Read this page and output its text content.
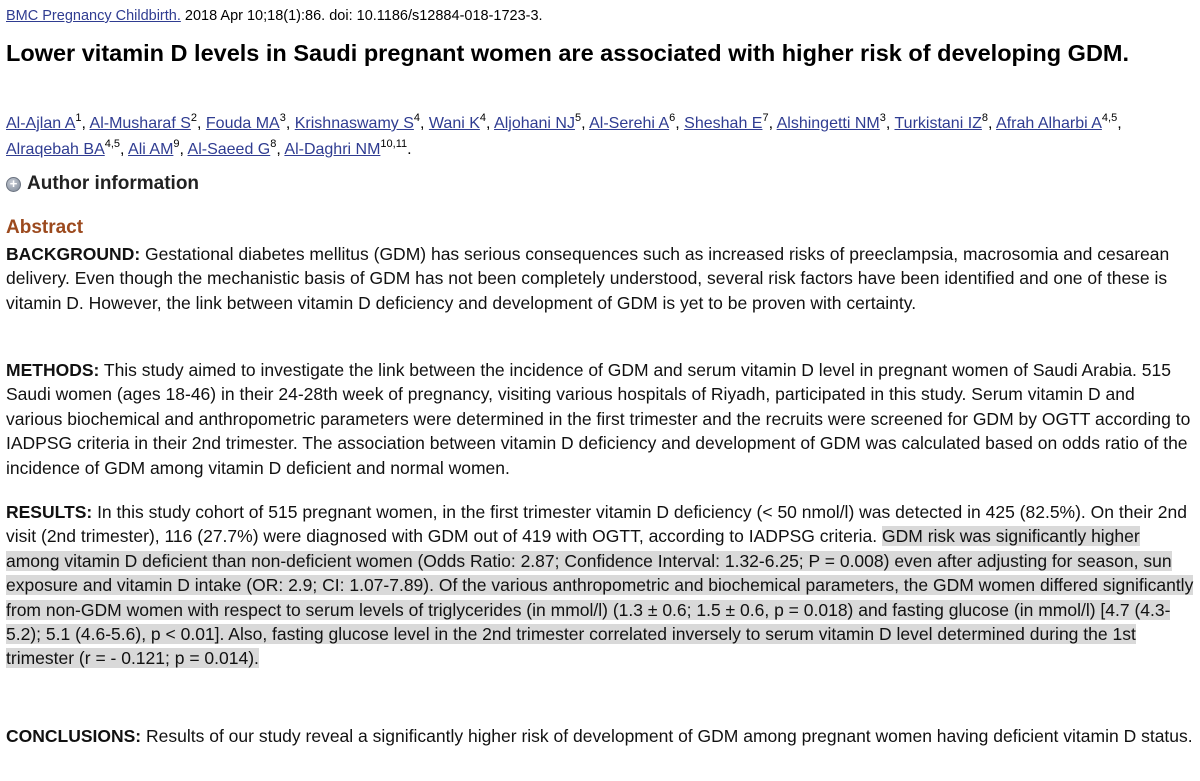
BMC Pregnancy Childbirth. 2018 Apr 10;18(1):86. doi: 10.1186/s12884-018-1723-3.
Lower vitamin D levels in Saudi pregnant women are associated with higher risk of developing GDM.
Al-Ajlan $A^1$, Al-Musharaf $S^2$, Fouda $MA^3$, Krishnaswamy $S^4$, Wani $K^4$, Aljohani $NJ^5$, Al-Serehi $A^6$, Sheshah $E^7$, Alshingetti $NM^3$, Turkistani $IZ^8$, Afrah Alharbi A$^{4,5}$, Alraqebah BA$^{4,5}$, Ali $AM^9$, Al-Saeed $G^8$, Al-Daghri NM$^{10,11}$.
+ Author information
Abstract

BACKGROUND: Gestational diabetes mellitus (GDM) has serious consequences such as increased risks of preeclampsia, macrosomia and cesarean delivery. Even though the mechanistic basis of GDM has not been completely understood, several risk factors have been identified and one of these is vitamin D. However, the link between vitamin D deficiency and development of GDM is yet to be proven with certainty.

METHODS: This study aimed to investigate the link between the incidence of GDM and serum vitamin D level in pregnant women of Saudi Arabia. 515 Saudi women (ages 18-46) in their 24-28th week of pregnancy, visiting various hospitals of Riyadh, participated in this study. Serum vitamin D and various biochemical and anthropometric parameters were determined in the first trimester and the recruits were screened for GDM by OGTT according to IADPSG criteria in their 2nd trimester. The association between vitamin D deficiency and development of GDM was calculated based on odds ratio of the incidence of GDM among vitamin D deficient and normal women.

RESULTS: In this study cohort of 515 pregnant women, in the first trimester vitamin D deficiency (< 50 nmol/l) was detected in 425 (82.5%). On their 2nd visit (2nd trimester), 116 (27.7%) were diagnosed with GDM out of 419 with OGTT, according to IADPSG criteria. GDM risk was significantly higher among vitamin D deficient than non-deficient women (Odds Ratio: 2.87; Confidence Interval: 1.32-6.25; P = 0.008) even after adjusting for season, sun exposure and vitamin D intake (OR: 2.9; CI: 1.07-7.89). Of the various anthropometric and biochemical parameters, the GDM women differed significantly from non-GDM women with respect to serum levels of triglycerides (in mmol/l) (1.3 ± 0.6; 1.5 ± 0.6, p = 0.018) and fasting glucose (in mmol/l) [4.7 (4.3-5.2); 5.1 (4.6-5.6), p < 0.01]. Also, fasting glucose level in the 2nd trimester correlated inversely to serum vitamin D level determined during the 1st trimester (r = - 0.121; p = 0.014).

CONCLUSIONS: Results of our study reveal a significantly higher risk of development of GDM among pregnant women having deficient vitamin D status.
